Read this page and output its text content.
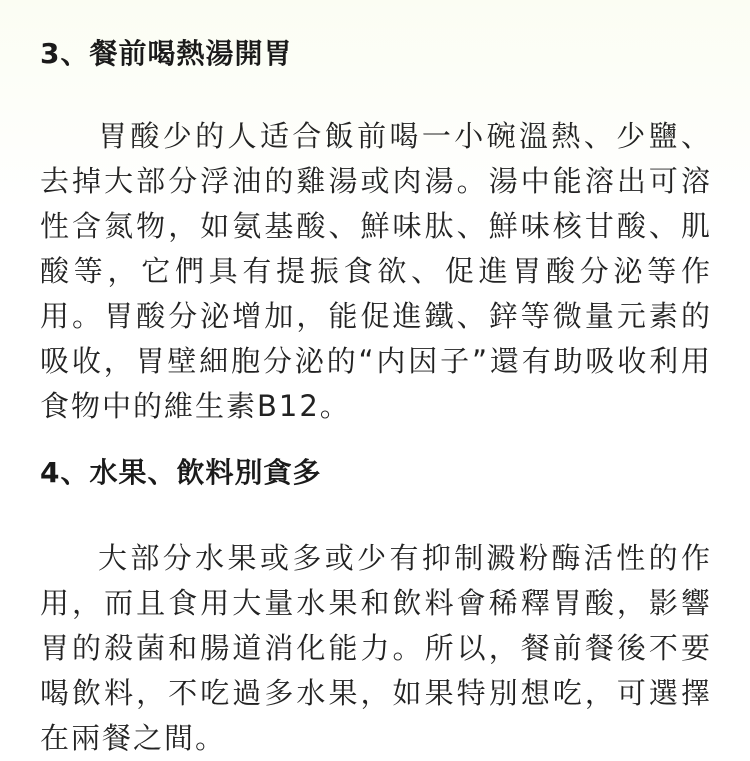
3、餐前喝熱湯開胃

胃酸少的人适合飯前喝一小碗溫熱、少鹽、去掉大部分浮油的雞湯或肉湯。湯中能溶出可溶性含氮物，如氨基酸、鮮味肽、鮮味核甘酸、肌酸等，它們具有提振食欲、促進胃酸分泌等作用。胃酸分泌增加，能促進鐵、鋅等微量元素的吸收，胃壁細胞分泌的“内因子”還有助吸收利用食物中的維生素B12。

4、水果、飲料別貪多

大部分水果或多或少有抑制澱粉酶活性的作用，而且食用大量水果和飲料會稀釋胃酸，影響胃的殺菌和腸道消化能力。所以，餐前餐後不要喝飲料，不吃過多水果，如果特別想吃，可選擇在兩餐之間。
